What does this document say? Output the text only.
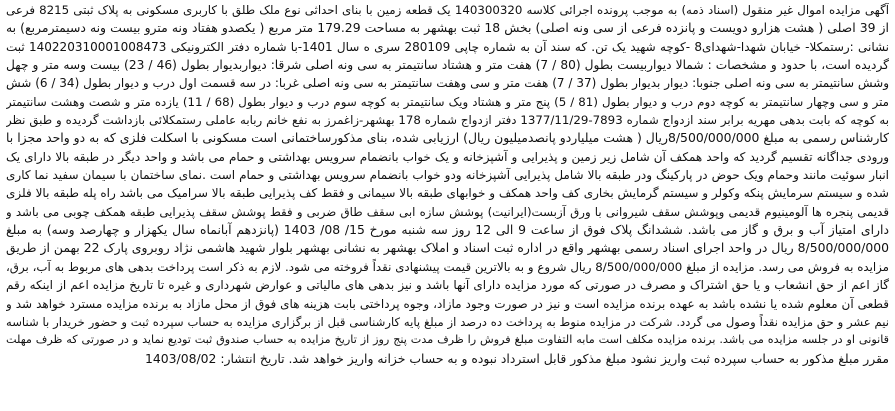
آگهی مزایده اموال غیر منقول (اسناد ذمه) به موجب پرونده اجرائی کلاسه 140300320 یک قطعه زمین با بنای احداثی نوع ملک طلق با کاربری مسکونی به پلاک ثبتی 8215 فرعی
از 39 اصلی ( هشت هزارو دویست و پانزده فرعی از سی ونه اصلی) بخش 18 ثبت بهشهر به مساحت 179.29 متر مربع ( یکصدو هفتاد ونه مترو بیست ونه دسیمترمربع) به
نشانی :رستمکلا- خیابان شهدا-شهدای8 -کوچه شهید یک تن. که سند آن به شماره چاپی 280109 سری ه سال 1401-با شماره دفتر الکترونیکی 140220310001008473 ثبت
گردیده است، با حدود و مشخصات : شمالا دیواربیست بطول (80 / 7) هفت متر و هشتاد سانتیمتر به سی ونه اصلی شرقا: دیواربدیوار بطول (46 / 23) بیست وسه متر و چهل
وشش سانتیمتر به سی ونه اصلی جنوبا: دیوار بدیوار بطول (37 / 7) هفت متر و سی وهفت سانتیمتر به سی ونه اصلی غربا: در سه قسمت اول درب و دیوار بطول (34 / 6) شش
متر و سی وچهار سانتیمتر به کوچه دوم درب و دیوار بطول (81 / 5) پنج متر و هشتاد ویک سانتیمتر به کوچه سوم درب و دیوار بطول (68 / 11) یازده متر و شصت وهشت سانتیمتر
به کوچه که بابت بدهی مهریه برابر سند ازدواج شماره 7893-1377/11/29 دفتر ازدواج شماره 178 بهشهر-زاغمرز به نفع خانم ربابه عاملی رستمکلائی بازداشت گردیده و طبق نظر
کارشناس رسمی به مبلغ 8/500/000/000ریال ( هشت میلیاردو پانصدمیلیون ریال) ارزیابی شده، بنای مذکورساختمانی است مسکونی با اسکلت فلزی که به دو واحد مجزا با
ورودی جداگانه تقسیم گردید که واحد همکف آن شامل زیر زمین و پذیرایی و آشپزخانه و یک خواب بانضمام سرویس بهداشتی و حمام می باشد و واحد دیگر در طبقه بالا دارای یک
انبار سوئیت مانند وحمام ویک حوض در پارکینگ ودر طبقه بالا شامل پذیرایی آشپزخانه ودو خواب بانضمام سرویس بهداشتی و حمام است .نمای ساختمان با سیمان سفید نما کاری
شده و سیستم سرمایش پنکه وکولر و سیستم گرمایش بخاری کف واحد همکف و خوابهای طبقه بالا سیمانی و فقط کف پذیرایی طبقه بالا سرامیک می باشد راه پله طبقه بالا فلزی
قدیمی پنجره ها آلومینیوم قدیمی وپوشش سقف شیروانی با ورق آزبست(ایرانیت) پوشش سازه ابی سقف طاق ضربی و فقط پوشش سقف پذیرایی طبقه همکف چوبی می باشد و
دارای امتیاز آب و برق و گاز می باشد. ششدانگ پلاک فوق از ساعت 9 الی 12 روز سه شنبه مورخ 15/ 08/ 1403 (پانزدهم آبانماه سال یکهزار و چهارصد وسه) به مبلغ
8/500/000/000 ریال در واحد اجرای اسناد رسمی بهشهر واقع در اداره ثبت اسناد و املاک بهشهر به نشانی بهشهر بلوار شهید هاشمی نژاد روبروی پارک 22 بهمن از طریق
مزایده به فروش می رسد. مزایده از مبلغ 8/500/000/000 ریال شروع و به بالاترین قیمت پیشنهادی نقداً فروخته می شود. لازم به ذکر است پرداخت بدهی های مربوط به آب، برق،
گاز اعم از حق انشعاب و یا حق اشتراک و مصرف در صورتی که مورد مزایده دارای آنها باشد و نیز بدهی های مالیاتی و عوارض شهرداری و غیره تا تاریخ مزایده اعم از اینکه رقم
قطعی آن معلوم شده یا نشده باشد به عهده برنده مزایده است و نیز در صورت وجود مازاد، وجوه پرداختی بابت هزینه های فوق از محل مازاد به برنده مزایده مسترد خواهد شد و
نیم عشر و حق مزایده نقداً وصول می گردد. شرکت در مزایده منوط به پرداخت ده درصد از مبلغ پایه کارشناسی قبل از برگزاری مزایده به حساب سپرده ثبت و حضور خریدار با شناسه
قانونی او در جلسه مزایده می باشد. برنده مزایده مکلف است مابه التفاوت مبلغ فروش را ظرف مدت پنج روز از تاریخ مزایده به حساب صندوق ثبت تودیع نماید و در صورتی که ظرف مهلت
مقرر مبلغ مذکور به حساب سپرده ثبت واریز نشود مبلغ مذکور قابل استرداد نبوده و به حساب خزانه واریز خواهد شد. تاریخ انتشار: 1403/08/02
